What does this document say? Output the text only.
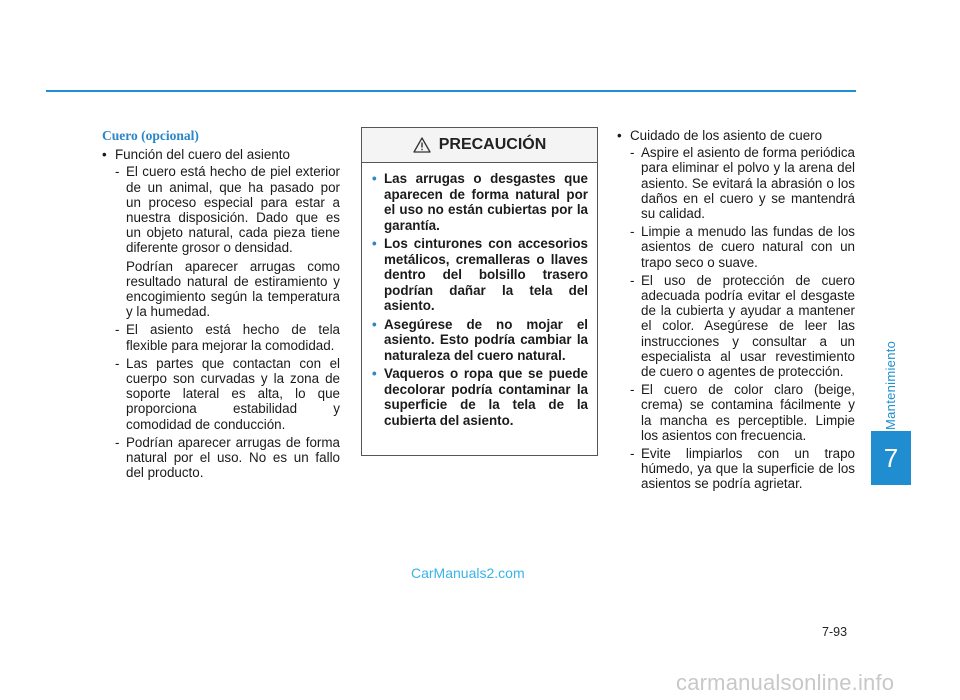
Cuero (opcional)
• Función del cuero del asiento
- El cuero está hecho de piel exterior de un animal, que ha pasado por un proceso especial para estar a nuestra disposición. Dado que es un objeto natural, cada pieza tiene diferente grosor o densidad.
Podrían aparecer arrugas como resultado natural de estiramiento y encogimiento según la temperatura y la humedad.
- El asiento está hecho de tela flexible para mejorar la comodidad.
- Las partes que contactan con el cuerpo son curvadas y la zona de soporte lateral es alta, lo que proporciona estabilidad y comodidad de conducción.
- Podrían aparecer arrugas de forma natural por el uso. No es un fallo del producto.
PRECAUCIÓN
• Las arrugas o desgastes que aparecen de forma natural por el uso no están cubiertas por la garantía.
• Los cinturones con accesorios metálicos, cremalleras o llaves dentro del bolsillo trasero podrían dañar la tela del asiento.
• Asegúrese de no mojar el asiento. Esto podría cambiar la naturaleza del cuero natural.
• Vaqueros o ropa que se puede decolorar podría contaminar la superficie de la tela de la cubierta del asiento.
• Cuidado de los asiento de cuero
- Aspire el asiento de forma periódica para eliminar el polvo y la arena del asiento. Se evitará la abrasión o los daños en el cuero y se mantendrá su calidad.
- Limpie a menudo las fundas de los asientos de cuero natural con un trapo seco o suave.
- El uso de protección de cuero adecuada podría evitar el desgaste de la cubierta y ayudar a mantener el color. Asegúrese de leer las instrucciones y consultar a un especialista al usar revestimiento de cuero o agentes de protección.
- El cuero de color claro (beige, crema) se contamina fácilmente y la mancha es perceptible. Limpie los asientos con frecuencia.
- Evite limpiarlos con un trapo húmedo, ya que la superficie de los asientos se podría agrietar.
Mantenimiento
7
CarManuals2.com
7-93
carmanualsonline.info
